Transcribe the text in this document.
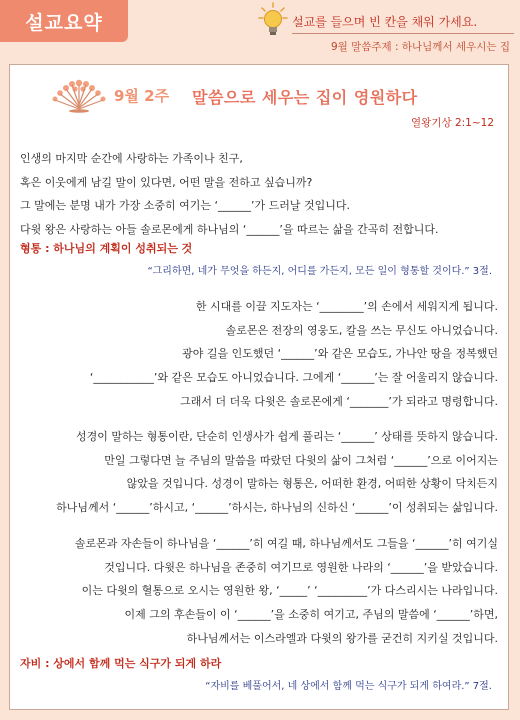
설교요약	설교를 들으며 빈 칸을 채워 가세요.
9월 말씀주제 : 하나님께서 세우시는 집
9월 2주 말씀으로 세우는 집이 영원하다
열왕기상 2:1~12

인생의 마지막 순간에 사랑하는 가족이나 친구,

혹은 이웃에게 남길 말이 있다면, 어떤 말을 전하고 싶습니까?

그 말에는 분명 내가 가장 소중히 여기는 ‘______’가 드러날 것입니다.

다윗 왕은 사랑하는 아들 솔로몬에게 하나님의 ‘______’을 따르는 삶을 간곡히 전합니다.

형통 : 하나님의 계획이 성취되는 것
“그리하면, 네가 무엇을 하든지, 어디를 가든지, 모든 일이 형통할 것이다.” 3절.

한 시대를 이끌 지도자는 ‘________’의 손에서 세워지게 됩니다.

솔로몬은 전장의 영웅도, 칼을 쓰는 무신도 아니었습니다.

광야 길을 인도했던 ‘______’와 같은 모습도, 가나안 땅을 정복했던

‘___________’와 같은 모습도 아니었습니다. 그에게 ‘______’는 잘 어울리지 않습니다.

그래서 더 더욱 다윗은 솔로몬에게 ‘_______’가 되라고 명령합니다.

성경이 말하는 형통이란, 단순히 인생사가 쉽게 풀리는 ‘______’ 상태를 뜻하지 않습니다.

만일 그렇다면 늘 주님의 말씀을 따랐던 다윗의 삶이 그처럼 ‘______’으로 이어지는

않았을 것입니다. 성경이 말하는 형통은, 어떠한 환경, 어떠한 상황이 닥치든지

하나님께서 ‘______’하시고, ‘______’하시는, 하나님의 신하신 ‘______’이 성취되는 삶입니다.

솔로몬과 자손들이 하나님을 ‘______’히 여길 때, 하나님께서도 그들을 ‘______’히 여기실

것입니다. 다윗은 하나님을 존중히 여기므로 영원한 나라의 ‘______’을 받았습니다.

이는 다윗의 혈통으로 오시는 영원한 왕, ‘_____’ ‘_________’가 다스리시는 나라입니다.

이제 그의 후손들이 이 ‘______’을 소중히 여기고, 주님의 말씀에 ‘______’하면,

하나님께서는 이스라엘과 다윗의 왕가를 굳건히 지키실 것입니다.

자비 : 상에서 함께 먹는 식구가 되게 하라
“자비를 베풀어서, 네 상에서 함께 먹는 식구가 되게 하여라.” 7절.
